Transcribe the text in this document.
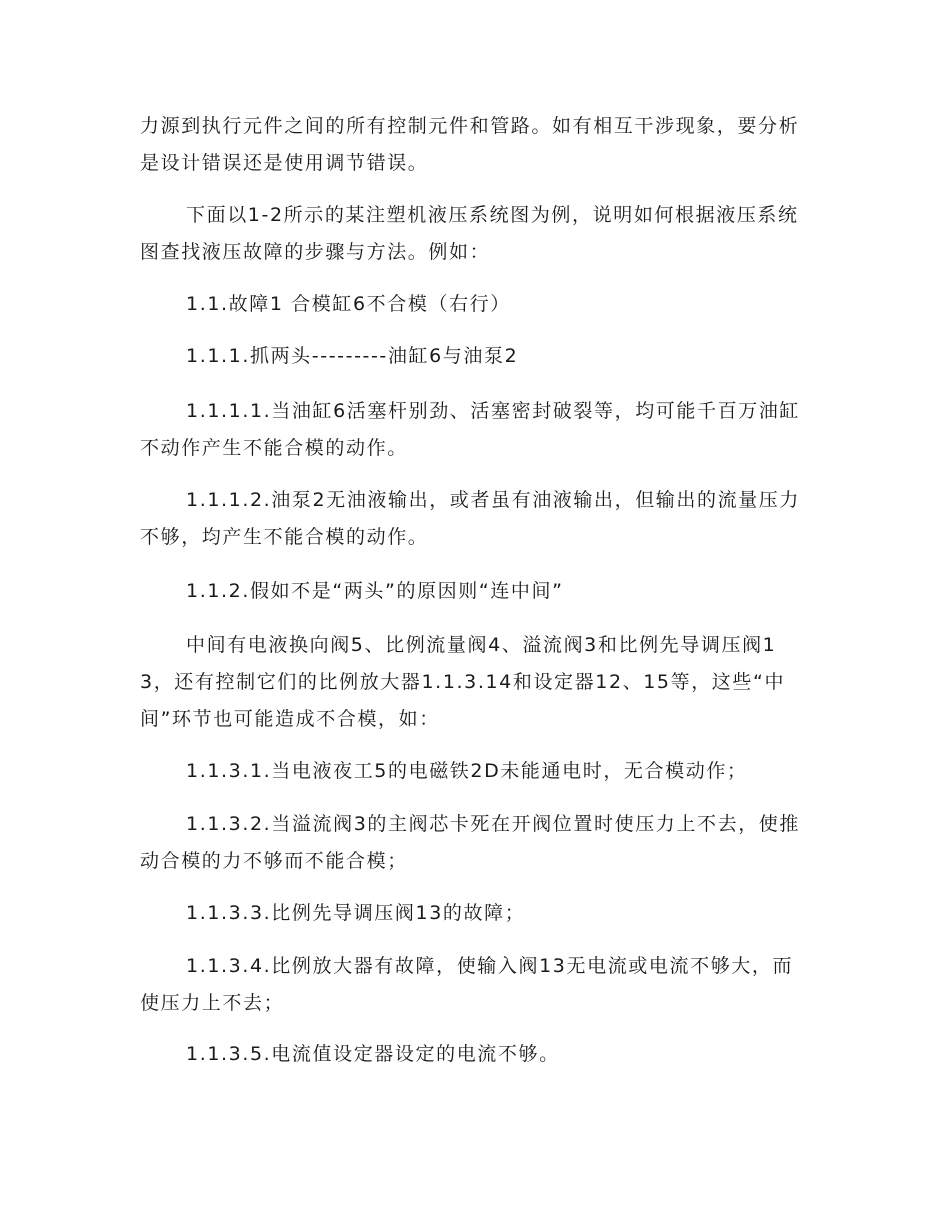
力源到执行元件之间的所有控制元件和管路。如有相互干涉现象，要分析是设计错误还是使用调节错误。

下面以1-2所示的某注塑机液压系统图为例，说明如何根据液压系统图查找液压故障的步骤与方法。例如：

1.1.故障1 合模缸6不合模（右行）

1.1.1.抓两头---------油缸6与油泵2

1.1.1.1.当油缸6活塞杆别劲、活塞密封破裂等，均可能千百万油缸不动作产生不能合模的动作。

1.1.1.2.油泵2无油液输出，或者虽有油液输出，但输出的流量压力不够，均产生不能合模的动作。

1.1.2.假如不是“两头”的原因则“连中间”

中间有电液换向阀5、比例流量阀4、溢流阀3和比例先导调压阀13，还有控制它们的比例放大器1.1.3.14和设定器12、15等，这些“中间”环节也可能造成不合模，如：

1.1.3.1.当电液夜工5的电磁铁2D未能通电时，无合模动作；

1.1.3.2.当溢流阀3的主阀芯卡死在开阀位置时使压力上不去，使推动合模的力不够而不能合模；

1.1.3.3.比例先导调压阀13的故障；

1.1.3.4.比例放大器有故障，使输入阀13无电流或电流不够大，而使压力上不去；

1.1.3.5.电流值设定器设定的电流不够。
